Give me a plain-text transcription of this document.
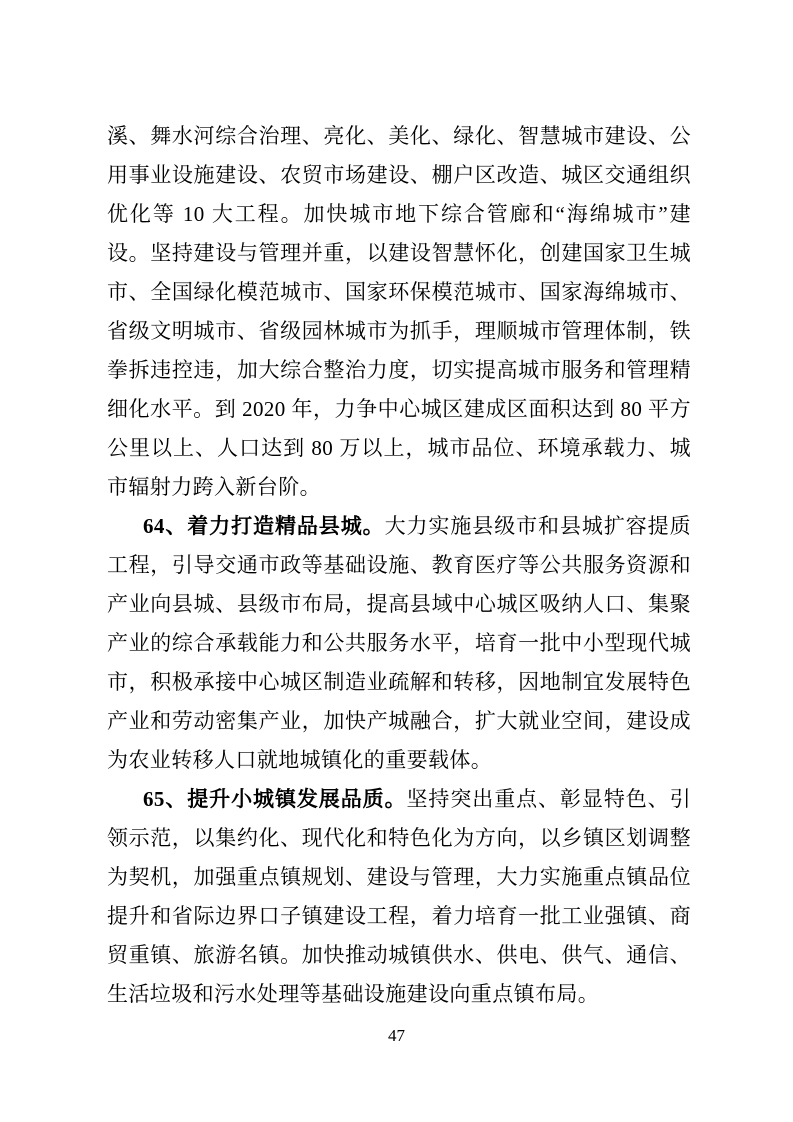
溪、舞水河综合治理、亮化、美化、绿化、智慧城市建设、公用事业设施建设、农贸市场建设、棚户区改造、城区交通组织优化等 10 大工程。加快城市地下综合管廊和“海绵城市”建设。坚持建设与管理并重，以建设智慧怀化，创建国家卫生城市、全国绿化模范城市、国家环保模范城市、国家海绵城市、省级文明城市、省级园林城市为抓手，理顺城市管理体制，铁拳拆违控违，加大综合整治力度，切实提高城市服务和管理精细化水平。到 2020 年，力争中心城区建成区面积达到 80 平方公里以上、人口达到 80 万以上，城市品位、环境承载力、城市辐射力跨入新台阶。

64、着力打造精品县城。大力实施县级市和县城扩容提质工程，引导交通市政等基础设施、教育医疗等公共服务资源和产业向县城、县级市布局，提高县域中心城区吸纳人口、集聚产业的综合承载能力和公共服务水平，培育一批中小型现代城市，积极承接中心城区制造业疏解和转移，因地制宜发展特色产业和劳动密集产业，加快产城融合，扩大就业空间，建设成为农业转移人口就地城镇化的重要载体。

65、提升小城镇发展品质。坚持突出重点、彰显特色、引领示范，以集约化、现代化和特色化为方向，以乡镇区划调整为契机，加强重点镇规划、建设与管理，大力实施重点镇品位提升和省际边界口子镇建设工程，着力培育一批工业强镇、商贸重镇、旅游名镇。加快推动城镇供水、供电、供气、通信、生活垃圾和污水处理等基础设施建设向重点镇布局。

47
